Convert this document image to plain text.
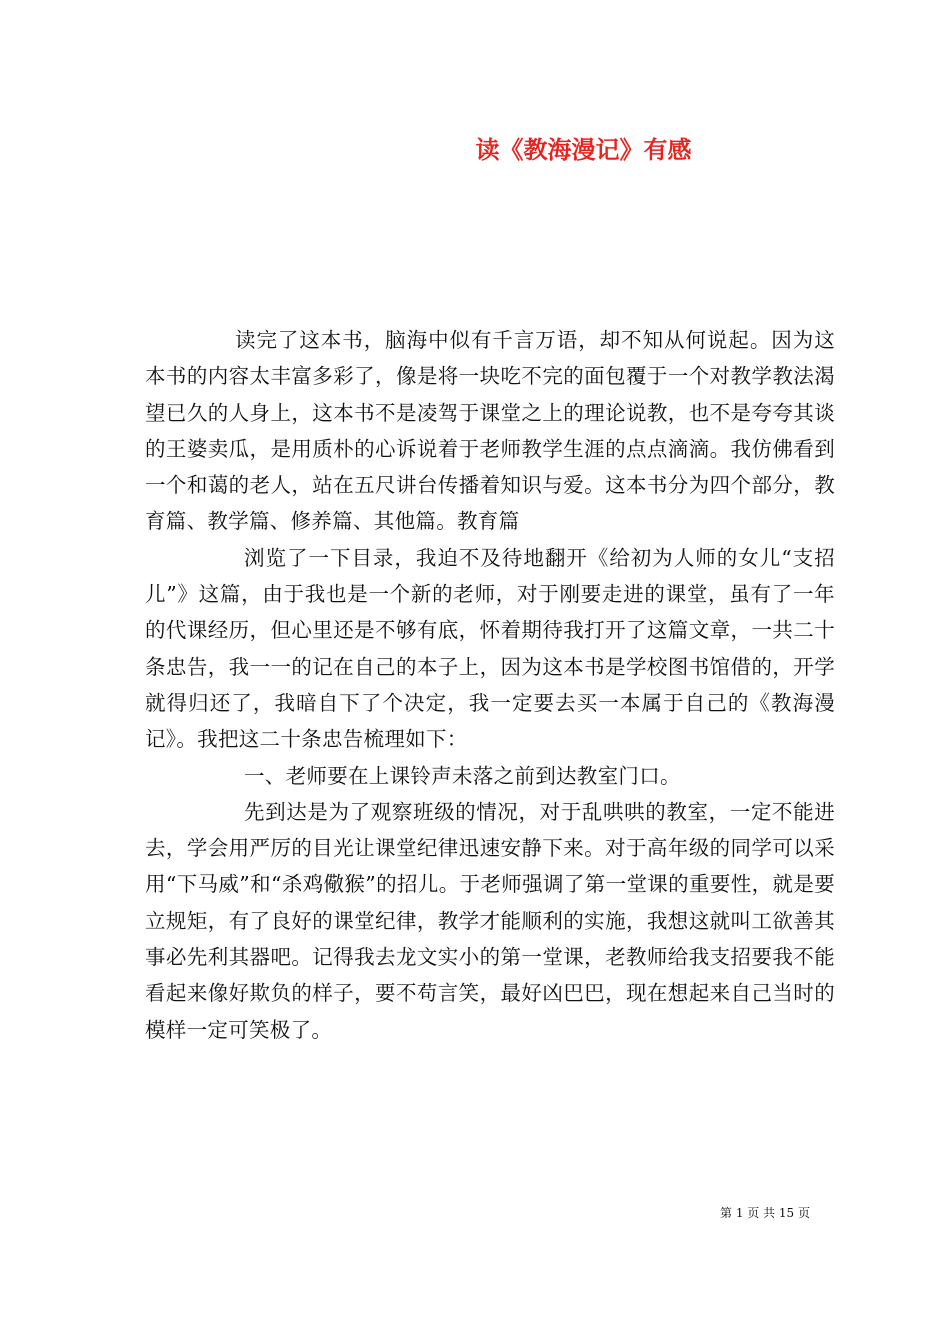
读《教海漫记》有感

读完了这本书，脑海中似有千言万语，却不知从何说起。因为这本书的内容太丰富多彩了，像是将一块吃不完的面包覆于一个对教学教法渴望已久的人身上，这本书不是凌驾于课堂之上的理论说教，也不是夸夸其谈的王婆卖瓜，是用质朴的心诉说着于老师教学生涯的点点滴滴。我仿佛看到一个和蔼的老人，站在五尺讲台传播着知识与爱。这本书分为四个部分，教育篇、教学篇、修养篇、其他篇。教育篇

浏览了一下目录，我迫不及待地翻开《给初为人师的女儿“支招儿”》这篇，由于我也是一个新的老师，对于刚要走进的课堂，虽有了一年的代课经历，但心里还是不够有底，怀着期待我打开了这篇文章，一共二十条忠告，我一一的记在自己的本子上，因为这本书是学校图书馆借的，开学就得归还了，我暗自下了个决定，我一定要去买一本属于自己的《教海漫记》。我把这二十条忠告梳理如下：

一、老师要在上课铃声未落之前到达教室门口。

先到达是为了观察班级的情况，对于乱哄哄的教室，一定不能进去，学会用严厉的目光让课堂纪律迅速安静下来。对于高年级的同学可以采用“下马威”和“杀鸡儆猴”的招儿。于老师强调了第一堂课的重要性，就是要立规矩，有了良好的课堂纪律，教学才能顺利的实施，我想这就叫工欲善其事必先利其器吧。记得我去龙文实小的第一堂课，老教师给我支招要我不能看起来像好欺负的样子，要不苟言笑，最好凶巴巴，现在想起来自己当时的模样一定可笑极了。

第 1 页 共 15 页
